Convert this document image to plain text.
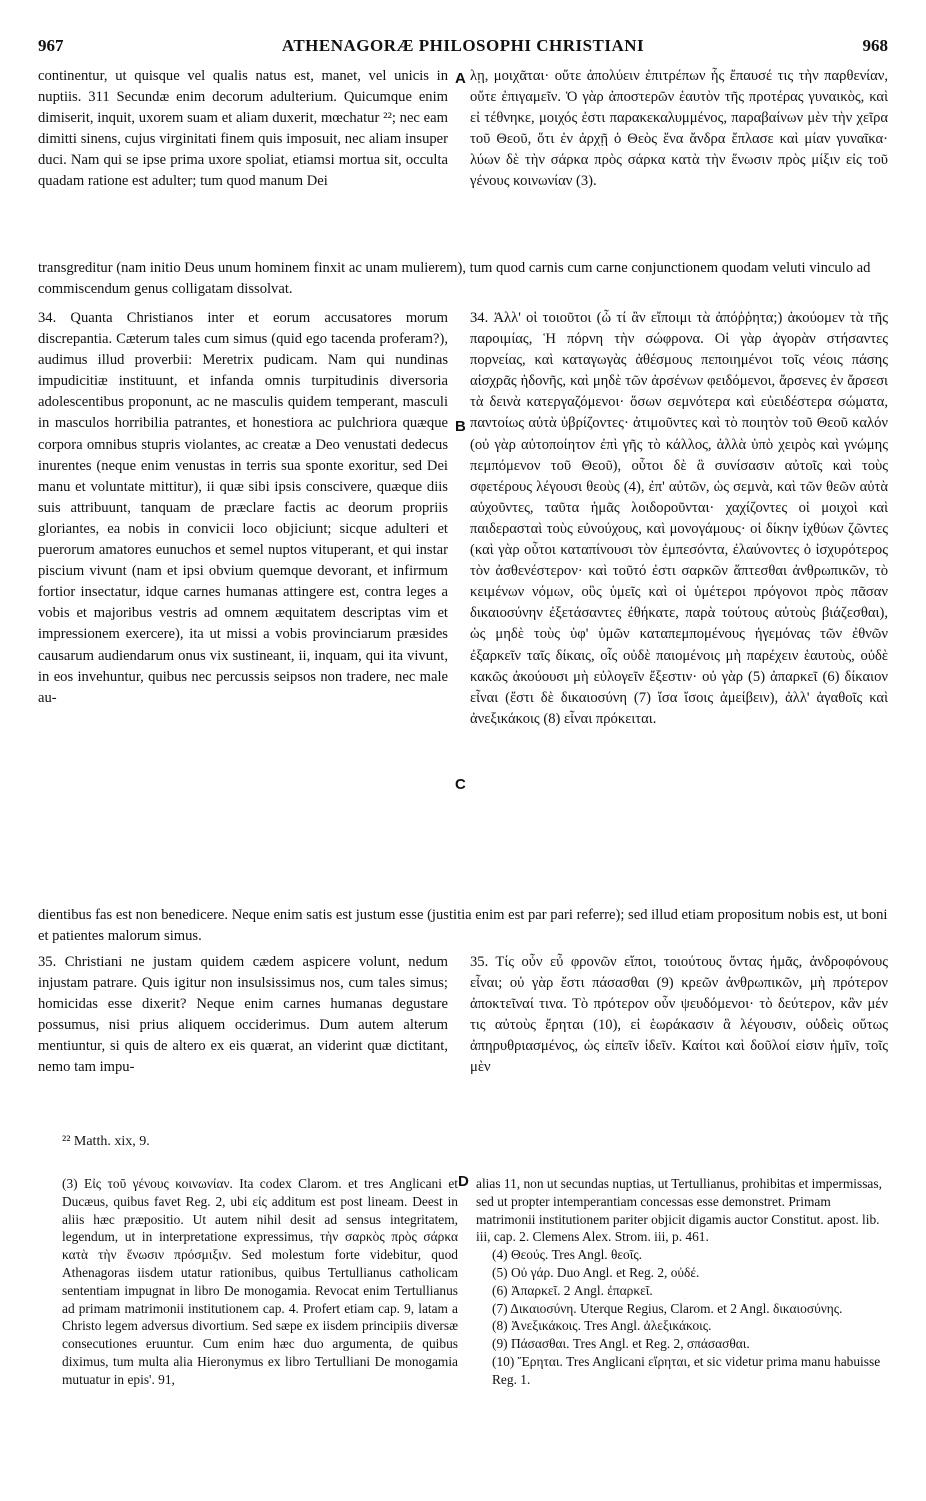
967	ATHENAGORÆ PHILOSOPHI CHRISTIANI	968
A
B
C
D

continentur, ut quisque vel qualis natus est, manet, vel unicis in nuptiis. 311 Secundæ enim decorum adulterium. Quicumque enim dimiserit, inquit, uxorem suam et aliam duxerit, mœchatur ²²; nec eam dimitti sinens, cujus virginitati finem quis imposuit, nec aliam insuper duci. Nam qui se ipse prima uxore spoliat, etiamsi mortua sit, occulta quadam ratione est adulter; tum quod manum Dei

λῃ, μοιχᾶται· οὔτε ἀπολύειν ἐπιτρέπων ἧς ἔπαυσέ τις τὴν παρθενίαν, οὔτε ἐπιγαμεῖν. Ὁ γὰρ ἀποστερῶν ἑαυτὸν τῆς προτέρας γυναικὸς, καὶ εἰ τέθνηκε, μοιχός ἐστι παρακεκαλυμμένος, παραβαίνων μὲν τὴν χεῖρα τοῦ Θεοῦ, ὅτι ἐν ἀρχῇ ὁ Θεὸς ἕνα ἄνδρα ἔπλασε καὶ μίαν γυναῖκα· λύων δὲ τὴν σάρκα πρὸς σάρκα κατὰ τὴν ἕνωσιν πρὸς μίξιν εἰς τοῦ γένους κοινωνίαν (3).

transgreditur (nam initio Deus unum hominem finxit ac unam mulierem), tum quod carnis cum carne conjunctionem quodam veluti vinculo ad commiscendum genus colligatam dissolvat.

34. Quanta Christianos inter et eorum accusatores morum discrepantia. Cæterum tales cum simus (quid ego tacenda proferam?), audimus illud proverbii: Meretrix pudicam. Nam qui nundinas impudicitiæ instituunt, et infanda omnis turpitudinis diversoria adolescentibus proponunt, ac ne masculis quidem temperant, masculi in masculos horribilia patrantes, et honestiora ac pulchriora quæque corpora omnibus stupris violantes, ac creatæ a Deo venustati dedecus inurentes (neque enim venustas in terris sua sponte exoritur, sed Dei manu et voluntate mittitur), ii quæ sibi ipsis conscivere, quæque diis suis attribuunt, tanquam de præclare factis ac deorum propriis gloriantes, ea nobis in convicii loco objiciunt; sicque adulteri et puerorum amatores eunuchos et semel nuptos vituperant, et qui instar piscium vivunt (nam et ipsi obvium quemque devorant, et infirmum fortior insectatur, idque carnes humanas attingere est, contra leges a vobis et majoribus vestris ad omnem æquitatem descriptas vim et impressionem exercere), ita ut missi a vobis provinciarum præsides causarum audiendarum onus vix sustineant, ii, inquam, qui ita vivunt, in eos invehuntur, quibus nec percussis seipsos non tradere, nec male au-

34. Ἀλλ' οἱ τοιοῦτοι (ὦ τί ἂν εἴποιμι τὰ ἀπόῤῥητα;) ἀκούομεν τὰ τῆς παροιμίας, Ἡ πόρνη τὴν σώφρονα. Οἱ γὰρ ἀγορὰν στήσαντες πορνείας, καὶ καταγωγὰς ἀθέσμους πεποιημένοι τοῖς νέοις πάσης αἰσχρᾶς ἡδονῆς, καὶ μηδὲ τῶν ἀρσένων φειδόμενοι, ἄρσενες ἐν ἄρσεσι τὰ δεινὰ κατεργαζόμενοι· ὅσων σεμνότερα καὶ εὐειδέστερα σώματα, παντοίως αὐτὰ ὑβρίζοντες· ἀτιμοῦντες καὶ τὸ ποιητὸν τοῦ Θεοῦ καλόν (οὐ γὰρ αὐτοποίητον ἐπὶ γῆς τὸ κάλλος, ἀλλὰ ὑπὸ χειρὸς καὶ γνώμης πεμπόμενον τοῦ Θεοῦ), οὗτοι δὲ ἃ συνίσασιν αὐτοῖς καὶ τοὺς σφετέρους λέγουσι θεοὺς (4), ἐπ' αὐτῶν, ὡς σεμνὰ, καὶ τῶν θεῶν αὐτὰ αὐχοῦντες, ταῦτα ἡμᾶς λοιδοροῦνται· χαχίζοντες οἱ μοιχοὶ καὶ παιδερασταὶ τοὺς εὐνούχους, καὶ μονογάμους· οἱ δίκην ἰχθύων ζῶντες (καὶ γὰρ οὗτοι καταπίνουσι τὸν ἐμπεσόντα, ἐλαύνοντες ὁ ἰσχυρότερος τὸν ἀσθενέστερον· καὶ τοῦτό ἐστι σαρκῶν ἅπτεσθαι ἀνθρωπικῶν, τὸ κειμένων νόμων, οὓς ὑμεῖς καὶ οἱ ὑμέτεροι πρόγονοι πρὸς πᾶσαν δικαιοσύνην ἐξετάσαντες ἐθήκατε, παρὰ τούτους αὐτοὺς βιάζεσθαι), ὡς μηδὲ τοὺς ὑφ' ὑμῶν καταπεμπομένους ἡγεμόνας τῶν ἐθνῶν ἐξαρκεῖν ταῖς δίκαις, οἷς οὐδὲ παιομένοις μὴ παρέχειν ἑαυτοὺς, οὐδὲ κακῶς ἀκούουσι μὴ εὐλογεῖν ἔξεστιν· οὐ γὰρ (5) ἀπαρκεῖ (6) δίκαιον εἶναι (ἔστι δὲ δικαιοσύνη (7) ἴσα ἴσοις ἀμείβειν), ἀλλ' ἀγαθοῖς καὶ ἀνεξικάκοις (8) εἶναι πρόκειται.

dientibus fas est non benedicere. Neque enim satis est justum esse (justitia enim est par pari referre); sed illud etiam propositum nobis est, ut boni et patientes malorum simus.

35. Christiani ne justam quidem cædem aspicere volunt, nedum injustam patrare. Quis igitur non insulsissimus nos, cum tales simus; homicidas esse dixerit? Neque enim carnes humanas degustare possumus, nisi prius aliquem occiderimus. Dum autem alterum mentiuntur, si quis de altero ex eis quærat, an viderint quæ dictitant, nemo tam impu-

35. Τίς οὖν εὖ φρονῶν εἴποι, τοιούτους ὄντας ἡμᾶς, ἀνδροφόνους εἶναι; οὐ γὰρ ἔστι πάσασθαι (9) κρεῶν ἀνθρωπικῶν, μὴ πρότερον ἀποκτεῖναί τινα. Τὸ πρότερον οὖν ψευδόμενοι· τὸ δεύτερον, κἂν μέν τις αὐτοὺς ἔρηται (10), εἰ ἑωράκασιν ἃ λέγουσιν, οὐδεὶς οὕτως ἀπηρυθριασμένος, ὡς εἰπεῖν ἰδεῖν. Καίτοι καὶ δοῦλοί εἰσιν ἡμῖν, τοῖς μὲν

²² Matth. xix, 9.

(3) Εἰς τοῦ γένους κοινωνίαν. Ita codex Clarom. et tres Anglicani et Ducæus, quibus favet Reg. 2, ubi εἰς additum est post lineam. Deest in aliis hæc præpositio. Ut autem nihil desit ad sensus integritatem, legendum, ut in interpretatione expressimus, τὴν σαρκὸς πρὸς σάρκα κατὰ τὴν ἕνωσιν πρόσμιξιν. Sed molestum forte videbitur, quod Athenagoras iisdem utatur rationibus, quibus Tertullianus catholicam sententiam impugnat in libro De monogamia. Revocat enim Tertullianus ad primam matrimonii institutionem cap. 4. Profert etiam cap. 9, latam a Christo legem adversus divortium. Sed sæpe ex iisdem principiis diversæ consecutiones eruuntur. Cum enim hæc duo argumenta, de quibus diximus, tum multa alia Hieronymus ex libro Tertulliani De monogamia mutuatur in epis'. 91,

alias 11, non ut secundas nuptias, ut Tertullianus, prohibitas et impermissas, sed ut propter intemperantiam concessas esse demonstret. Primam matrimonii institutionem pariter objicit digamis auctor Constitut. apost. lib. iii, cap. 2. Clemens Alex. Strom. iii, p. 461.

(4) Θεούς. Tres Angl. θεοῖς.

(5) Οὐ γάρ. Duo Angl. et Reg. 2, οὐδέ.

(6) Ἀπαρκεῖ. 2 Angl. ἐπαρκεῖ.

(7) Δικαιοσύνη. Uterque Regius, Clarom. et 2 Angl. δικαιοσύνης.

(8) Ἀνεξικάκοις. Tres Angl. ἀλεξικάκοις.

(9) Πάσασθαι. Tres Angl. et Reg. 2, σπάσασθαι.

(10) Ἔρηται. Tres Anglicani εἴρηται, et sic videtur prima manu habuisse Reg. 1.
